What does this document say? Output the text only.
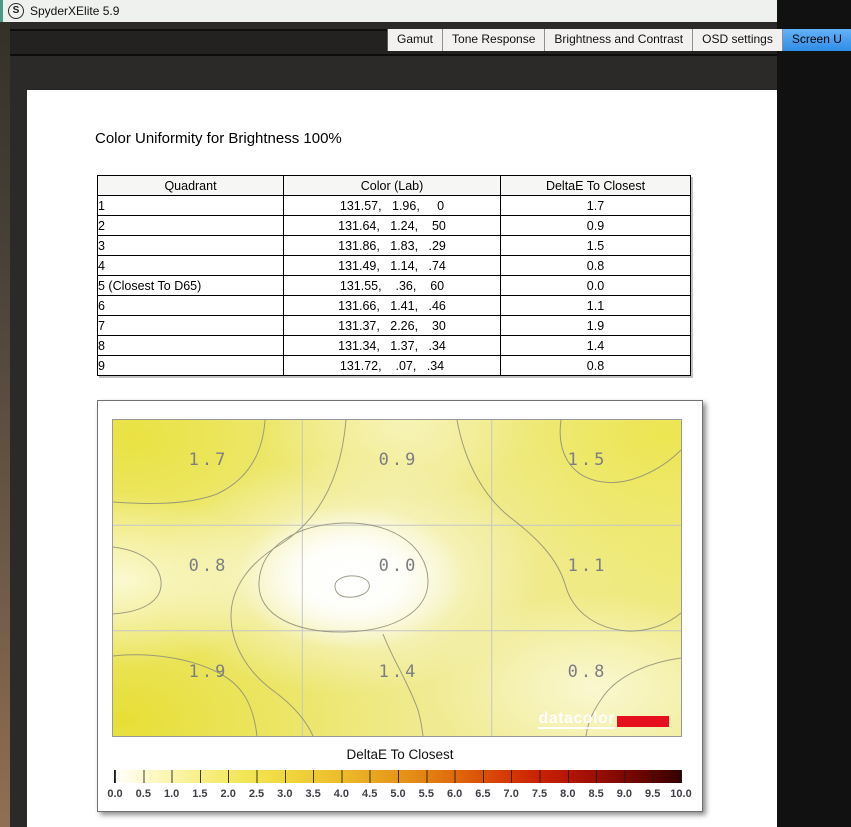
S SpyderXElite 5.9
Gamut	Tone Response	Brightness and Contrast	OSD settings	Screen U
Color Uniformity for Brightness 100%
Quadrant	Color (Lab)	DeltaE To Closest
1	131.57,   1.96,     0	1.7
2	131.64,   1.24,    50	0.9
3	131.86,   1.83,   .29	1.5
4	131.49,   1.14,   .74	0.8
5 (Closest To D65)	131.55,    .36,    60	0.0
6	131.66,   1.41,   .46	1.1
7	131.37,   2.26,    30	1.9
8	131.34,   1.37,   .34	1.4
9	131.72,    .07,   .34	0.8
1.7	0.9	1.5
0.8	0.0	1.1
1.9	1.4	0.8
datacolor
DeltaE To Closest
0.0 0.5 1.0 1.5 2.0 2.5 3.0 3.5 4.0 4.5 5.0 5.5 6.0 6.5 7.0 7.5 8.0 8.5 9.0 9.5 10.0
